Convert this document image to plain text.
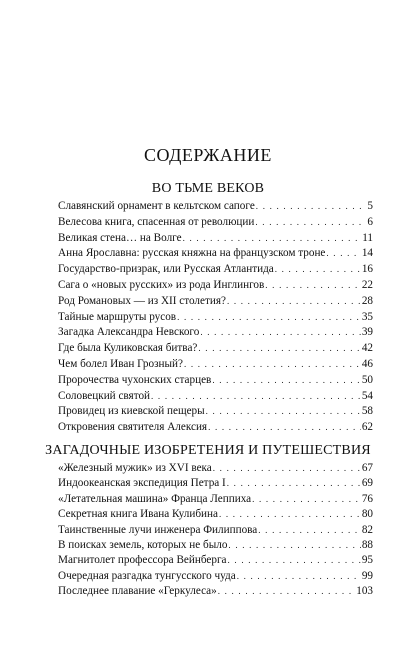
СОДЕРЖАНИЕ
ВО ТЬМЕ ВЕКОВ
Славянский орнамент в кельтском сапоге . . .	5
Велесова книга, спасенная от революции . . .	6
Великая стена… на Волге . . .	11
Анна Ярославна: русская княжна на французском троне . . .	14
Государство-призрак, или Русская Атлантида . . .	16
Сага о «новых русских» из рода Инглингов . . .	22
Род Романовых — из XII столетия? . . .	28
Тайные маршруты русов . . .	35
Загадка Александра Невского . . .	39
Где была Куликовская битва? . . .	42
Чем болел Иван Грозный? . . .	46
Пророчества чухонских старцев . . .	50
Соловецкий святой . . .	54
Провидец из киевской пещеры . . .	58
Откровения святителя Алексия . . .	62
ЗАГАДОЧНЫЕ ИЗОБРЕТЕНИЯ И ПУТЕШЕСТВИЯ
«Железный мужик» из XVI века . . .	67
Индоокеанская экспедиция Петра I . . .	69
«Летательная машина» Франца Леппиха . . .	76
Секретная книга Ивана Кулибина . . .	80
Таинственные лучи инженера Филиппова . . .	82
В поисках земель, которых не было . . .	88
Магнитолет профессора Вейнберга . . .	95
Очередная разгадка тунгусского чуда . . .	99
Последнее плавание «Геркулеса» . . .	103
